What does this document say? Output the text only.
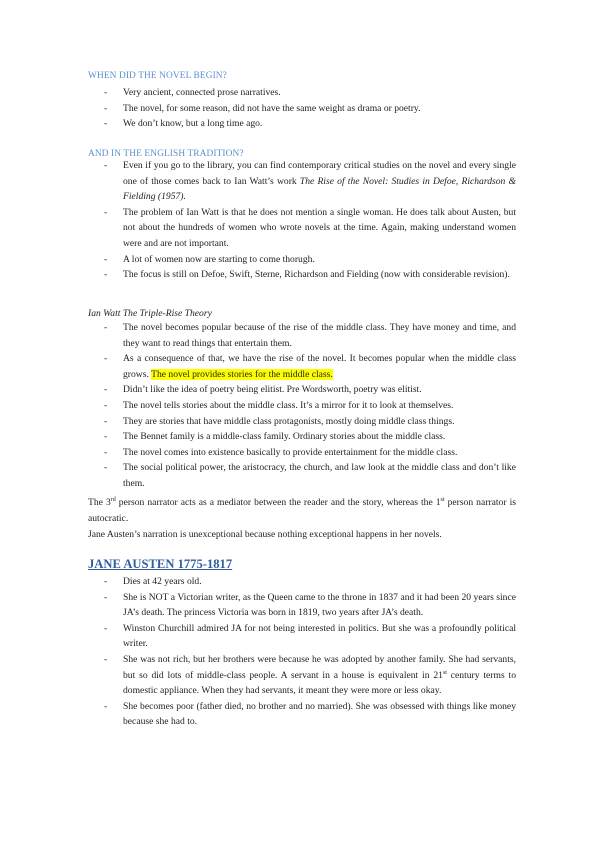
WHEN DID THE NOVEL BEGIN?
- Very ancient, connected prose narratives.
- The novel, for some reason, did not have the same weight as drama or poetry.
- We don’t know, but a long time ago.
AND IN THE ENGLISH TRADITION?
- Even if you go to the library, you can find contemporary critical studies on the novel and every single one of those comes back to Ian Watt’s work The Rise of the Novel: Studies in Defoe, Richardson & Fielding (1957).
- The problem of Ian Watt is that he does not mention a single woman. He does talk about Austen, but not about the hundreds of women who wrote novels at the time. Again, making understand women were and are not important.
- A lot of women now are starting to come thorugh.
- The focus is still on Defoe, Swift, Sterne, Richardson and Fielding (now with considerable revision).

Ian Watt The Triple-Rise Theory

- The novel becomes popular because of the rise of the middle class. They have money and time, and they want to read things that entertain them.
- As a consequence of that, we have the rise of the novel. It becomes popular when the middle class grows. The novel provides stories for the middle class.
- Didn’t like the idea of poetry being elitist. Pre Wordsworth, poetry was elitist.
- The novel tells stories about the middle class. It’s a mirror for it to look at themselves.
- They are stories that have middle class protagonists, mostly doing middle class things.
- The Bennet family is a middle-class family. Ordinary stories about the middle class.
- The novel comes into existence basically to provide entertainment for the middle class.
- The social political power, the aristocracy, the church, and law look at the middle class and don’t like them.

The 3rd person narrator acts as a mediator between the reader and the story, whereas the 1st person narrator is autocratic.

Jane Austen’s narration is unexceptional because nothing exceptional happens in her novels.

JANE AUSTEN 1775-1817
- Dies at 42 years old.
- She is NOT a Victorian writer, as the Queen came to the throne in 1837 and it had been 20 years since JA’s death. The princess Victoria was born in 1819, two years after JA’s death.
- Winston Churchill admired JA for not being interested in politics. But she was a profoundly political writer.
- She was not rich, but her brothers were because he was adopted by another family. She had servants, but so did lots of middle-class people. A servant in a house is equivalent in 21st century terms to domestic appliance. When they had servants, it meant they were more or less okay.
- She becomes poor (father died, no brother and no married). She was obsessed with things like money because she had to.
